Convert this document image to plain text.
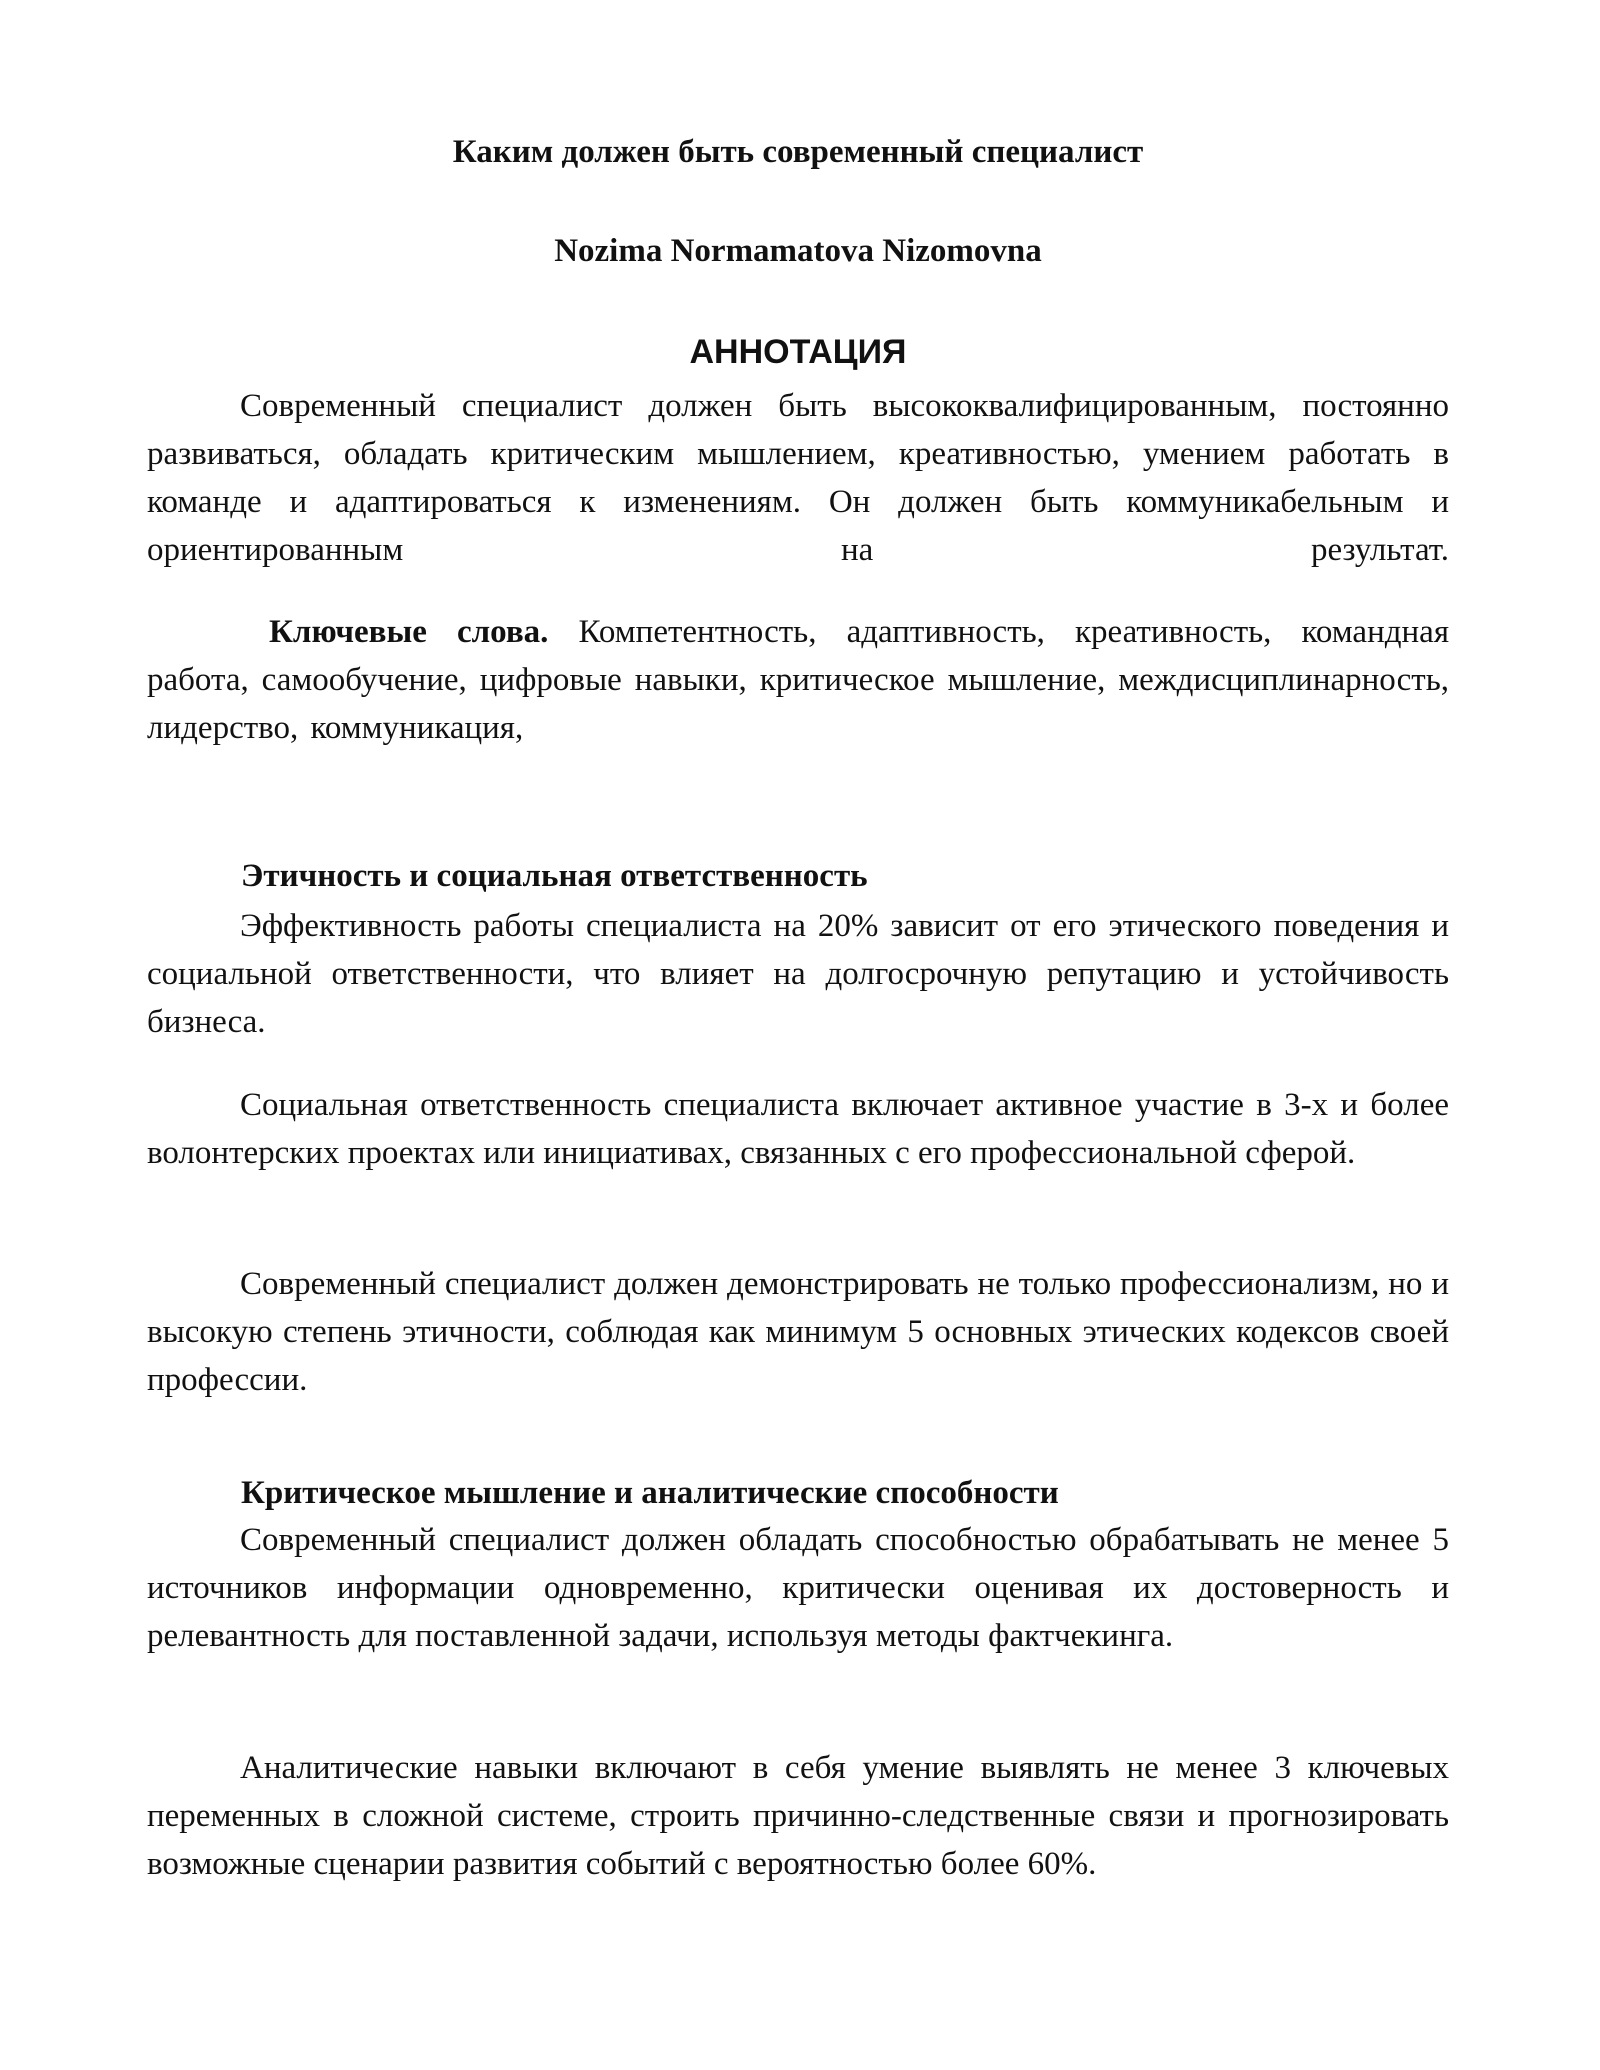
Каким должен быть современный специалист
Nozima Normamatova Nizomovna
АННОТАЦИЯ

Современный специалист должен быть высококвалифицированным, постоянно развиваться, обладать критическим мышлением, креативностью, умением работать в команде и адаптироваться к изменениям. Он должен быть коммуникабельным и ориентированным на результат.

Ключевые слова. Компетентность, адаптивность, креативность, командная работа, самообучение, цифровые навыки, критическое мышление, междисциплинарность, лидерство, коммуникация,

Этичность и социальная ответственность

Эффективность работы специалиста на 20% зависит от его этического поведения и социальной ответственности, что влияет на долгосрочную репутацию и устойчивость бизнеса.

Социальная ответственность специалиста включает активное участие в 3-х и более волонтерских проектах или инициативах, связанных с его профессиональной сферой.

Современный специалист должен демонстрировать не только профессионализм, но и высокую степень этичности, соблюдая как минимум 5 основных этических кодексов своей профессии.

Критическое мышление и аналитические способности

Современный специалист должен обладать способностью обрабатывать не менее 5 источников информации одновременно, критически оценивая их достоверность и релевантность для поставленной задачи, используя методы фактчекинга.

Аналитические навыки включают в себя умение выявлять не менее 3 ключевых переменных в сложной системе, строить причинно-следственные связи и прогнозировать возможные сценарии развития событий с вероятностью более 60%.
